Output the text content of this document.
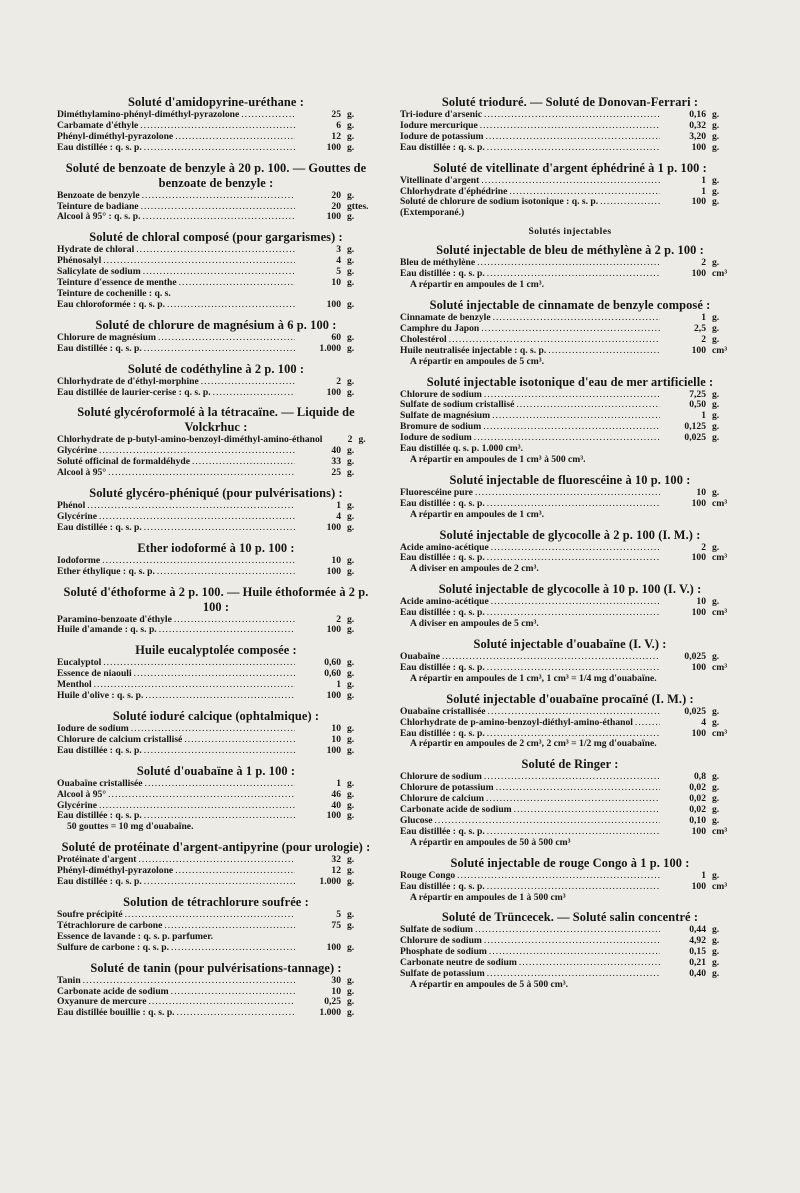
Soluté d'amidopyrine-uréthane :
Diméthylamino-phényl-diméthyl-pyrazolone .....	25 g.
Carbamate d'éthyle .....	6 g.
Phényl-diméthyl-pyrazolone .....	12 g.
Eau distillée : q. s. p. .....	100 g.
Soluté de benzoate de benzyle à 20 p. 100. — Gouttes de benzoate de benzyle :
Benzoate de benzyle .....	20 g.
Teinture de badiane .....	20 gttes.
Alcool à 95° : q. s. p. .....	100 g.
Soluté de chloral composé (pour gargarismes) :
Hydrate de chloral .....	3 g.
Phénosalyl .....	4 g.
Salicylate de sodium .....	5 g.
Teinture d'essence de menthe .....	10 g.
Teinture de cochenille : q. s.
Eau chloroformée : q. s. p. .....	100 g.
Soluté de chlorure de magnésium à 6 p. 100 :
Chlorure de magnésium .....	60 g.
Eau distillée : q. s. p. .....	1.000 g.
Soluté de codéthyline à 2 p. 100 :
Chlorhydrate de d'éthyl-morphine .....	2 g.
Eau distillée de laurier-cerise : q. s. p. .....	100 g.
Soluté glycéroformolé à la tétracaïne. — Liquide de Volckrhuc :
Chlorhydrate de p-butyl-amino-benzoyl-diméthyl-amino-éthanol	2 g.
Glycérine .....	40 g.
Soluté officinal de formaldéhyde .....	33 g.
Alcool à 95° .....	25 g.
Soluté glycéro-phéniqué (pour pulvérisations) :
Phénol .....	1 g.
Glycérine .....	4 g.
Eau distillée : q. s. p. .....	100 g.
Ether iodoformé à 10 p. 100 :
Iodoforme .....	10 g.
Ether éthylique : q. s. p. .....	100 g.
Soluté d'éthoforme à 2 p. 100. — Huile éthoformée à 2 p. 100 :
Paramino-benzoate d'éthyle .....	2 g.
Huile d'amande : q. s. p. .....	100 g.
Huile eucalyptolée composée :
Eucalyptol .....	0,60 g.
Essence de niaouli .....	0,60 g.
Menthol .....	1 g.
Huile d'olive : q. s. p. .....	100 g.
Soluté ioduré calcique (ophtalmique) :
Iodure de sodium .....	10 g.
Chlorure de calcium cristallisé .....	10 g.
Eau distillée : q. s. p. .....	100 g.
Soluté d'ouabaïne à 1 p. 100 :
Ouabaïne cristallisée .....	1 g.
Alcool à 95° .....	46 g.
Glycérine .....	40 g.
Eau distillée : q. s. p. .....	100 g.
50 gouttes = 10 mg d'ouabaïne.
Soluté de protéinate d'argent-antipyrine (pour urologie) :
Protéinate d'argent .....	32 g.
Phényl-diméthyl-pyrazolone .....	12 g.
Eau distillée : q. s. p. .....	1.000 g.
Solution de tétrachlorure soufrée :
Soufre précipité .....	5 g.
Tétrachlorure de carbone .....	75 g.
Essence de lavande : q. s. p. parfumer.
Sulfure de carbone : q. s. p. .....	100 g.
Soluté de tanin (pour pulvérisations-tannage) :
Tanin .....	30 g.
Carbonate acide de sodium .....	10 g.
Oxyanure de mercure .....	0,25 g.
Eau distillée bouillie : q. s. p. .....	1.000 g.
Soluté trioduré. — Soluté de Donovan-Ferrari :
Tri-iodure d'arsenic .....	0,16 g.
Iodure mercurique .....	0,32 g.
Iodure de potassium .....	3,20 g.
Eau distillée : q. s. p. .....	100 g.
Soluté de vitellinate d'argent éphédriné à 1 p. 100 :
Vitellinate d'argent .....	1 g.
Chlorhydrate d'éphédrine .....	1 g.
Soluté de chlorure de sodium isotonique : q. s. p. .....	100 g.
(Extemporané.)
Solutés injectables
Soluté injectable de bleu de méthylène à 2 p. 100 :
Bleu de méthylène .....	2 g.
Eau distillée : q. s. p. .....	100 cm³
A répartir en ampoules de 1 cm³.
Soluté injectable de cinnamate de benzyle composé :
Cinnamate de benzyle .....	1 g.
Camphre du Japon .....	2,5 g.
Cholestérol .....	2 g.
Huile neutralisée injectable : q. s. p. .....	100 cm³
A répartir en ampoules de 5 cm³.
Soluté injectable isotonique d'eau de mer artificielle :
Chlorure de sodium .....	7,25 g.
Sulfate de sodium cristallisé .....	0,50 g.
Sulfate de magnésium .....	1 g.
Bromure de sodium .....	0,125 g.
Iodure de sodium .....	0,025 g.
Eau distillée q. s. p. 1.000 cm³.
A répartir en ampoules de 1 cm³ à 500 cm³.
Soluté injectable de fluorescéine à 10 p. 100 :
Fluorescéine pure .....	10 g.
Eau distillée : q. s. p. .....	100 cm³
A répartir en ampoules de 1 cm³.
Soluté injectable de glycocolle à 2 p. 100 (I. M.) :
Acide amino-acétique .....	2 g.
Eau distillée : q. s. p. .....	100 cm³
A diviser en ampoules de 2 cm³.
Soluté injectable de glycocolle à 10 p. 100 (I. V.) :
Acide amino-acétique .....	10 g.
Eau distillée : q. s. p. .....	100 cm³
A diviser en ampoules de 5 cm³.
Soluté injectable d'ouabaïne (I. V.) :
Ouabaïne .....	0,025 g.
Eau distillée : q. s. p. .....	100 cm³
A répartir en ampoules de 1 cm³, 1 cm³ = 1/4 mg d'ouabaïne.
Soluté injectable d'ouabaïne procaïné (I. M.) :
Ouabaïne cristallisée .....	0,025 g.
Chlorhydrate de p-amino-benzoyl-diéthyl-amino-éthanol .....	4 g.
Eau distillée : q. s. p. .....	100 cm³
A répartir en ampoules de 2 cm³, 2 cm³ = 1/2 mg d'ouabaïne.
Soluté de Ringer :
Chlorure de sodium .....	0,8 g.
Chlorure de potassium .....	0,02 g.
Chlorure de calcium .....	0,02 g.
Carbonate acide de sodium .....	0,02 g.
Glucose .....	0,10 g.
Eau distillée : q. s. p. .....	100 cm³
A répartir en ampoules de 50 à 500 cm³
Soluté injectable de rouge Congo à 1 p. 100 :
Rouge Congo .....	1 g.
Eau distillée : q. s. p. .....	100 cm³
A répartir en ampoules de 1 à 500 cm³
Soluté de Trüncecek. — Soluté salin concentré :
Sulfate de sodium .....	0,44 g.
Chlorure de sodium .....	4,92 g.
Phosphate de sodium .....	0,15 g.
Carbonate neutre de sodium .....	0,21 g.
Sulfate de potassium .....	0,40 g.
A répartir en ampoules de 5 à 500 cm³.
